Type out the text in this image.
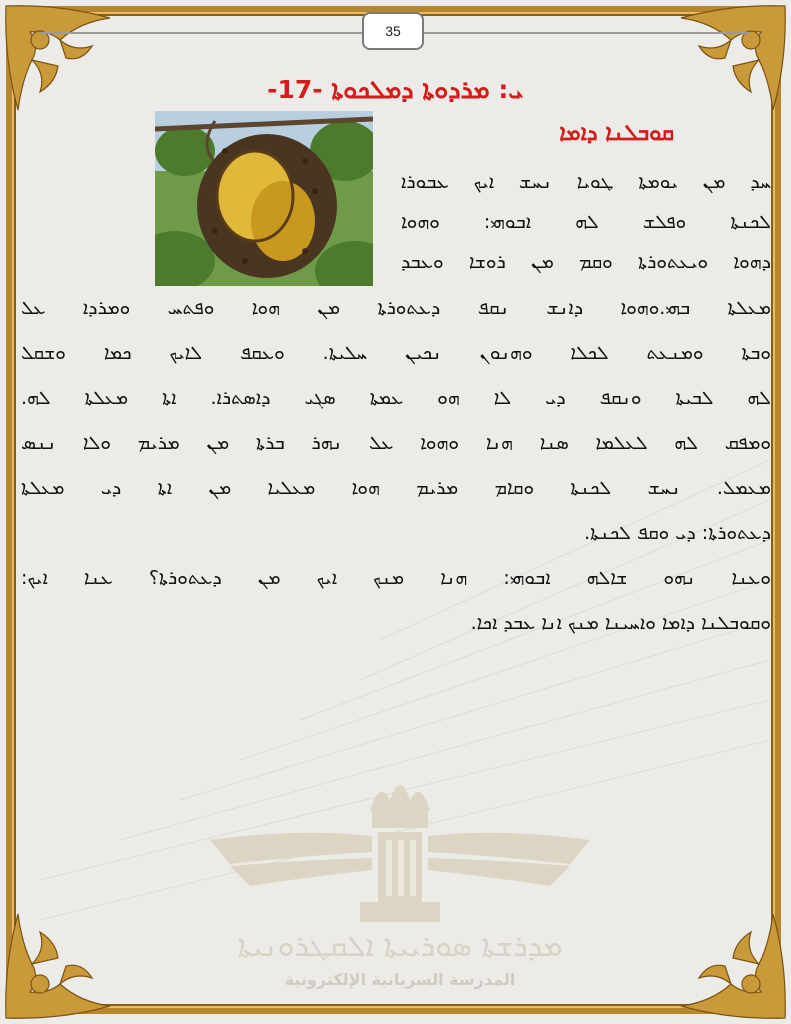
35
ܝ: ܡܪܕܘܬܐ ܕܡܠܟܘܬܐ -17-
ܩܘܒܠܢܐ ܕܐܡܐ
ܚܕ ܡܢ ܝܘܡܬܐ ܛܘܝܐ ܢܚܫ ܐܝܟ ܥܒܘܪܐ
ܠܟܢܬܐ ܘܦܠܫ ܠܗ ܐܒܘܗܝ: ܘܗܘܐ
ܕܗܘܐ ܘܝܥܬܘܪܬܐ ܘܩܡ ܡܢ ܪܘܫܐ ܘܥܒܕ
ܡܥܠܬܐ ܒܗܝ.ܘܗܘܐ ܕܐܢܫ ܢܩܦ ܕܥܬܘܪܬܐ ܡܢ ܗܘܐ ܘܦܬܚ ܘܡܪܕܐ ܥܠ
ܘܒܬܐ ܘܡܢܥܬ ܠܟܠܐ ܘܗܢܘܢ ܢܟܝܢ ܚܠܝܬܐ. ܘܥܩܦ ܠܐܝܟ ܟܡܐ ܘܫܩܠ
ܠܗ ܠܒܝܬܐ ܘܢܩܦ ܕܝ ܠܐ ܗܘ ܥܡܬܐ ܣܓܝ ܕܐܣܬܪܐ. ܐܬܐ ܡܥܠܬܐ ܠܗ.
ܘܡܦܩ ܠܗ ܠܥܠܡܐ ܣܢܐ ܗܢܐ ܘܗܘܐ ܥܠ ܢܗܪ ܒܪܬܐ ܡܢ ܡܪܝܡ ܘܠܐ ܢܢܣ
ܡܥܡܠ. ܢܚܫ ܠܟܢܬܐ ܘܩܐܡ ܡܪܝܡ ܗܘܐ ܡܥܠܝܐ ܡܢ ܐܬܐ ܕܝ ܡܥܠܬܐ
ܕܥܬܘܪܬܐ: ܕܝ ܘܩܦ ܠܟܢܬܐ.
ܘܥܢܐ ܢܗܘ ܫܐܠܗ ܐܒܘܗܝ: ܗܢܐ ܡܢܟ ܐܝܟ ܡܢ ܕܥܬܘܪܬܐ؟ ܥܢܐ ܐܝܟ:
ܘܩܘܒܠܢܐ ܕܐܡܐ ܘܐܚܝܢܐ ܡܢܟ ܐܢܐ ܥܒܕ ܐܟܐ.
ܡܕܪܫܬܐ ܣܘܪܝܝܬܐ ܐܠܩܛܪܘܢܝܬܐ
المدرسة السريانية الإلكترونية
